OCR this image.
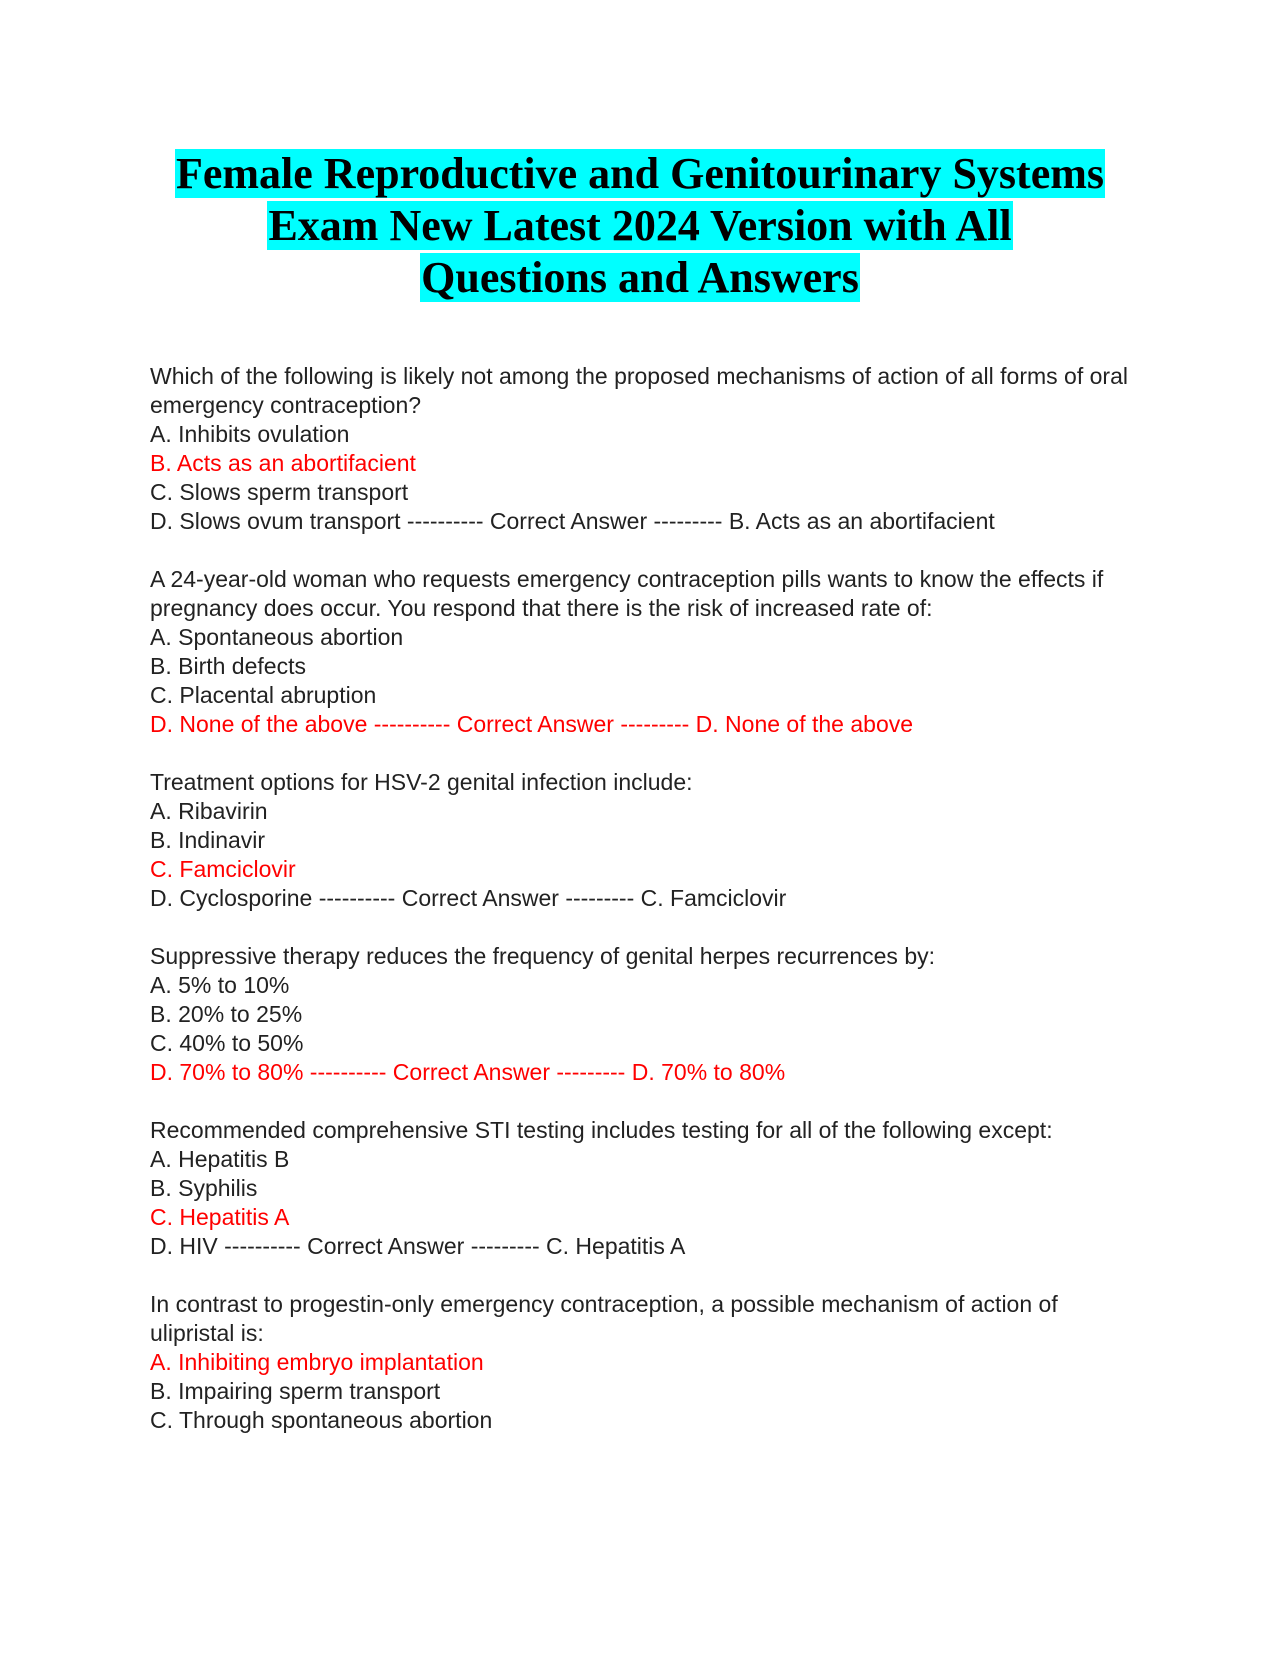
Female Reproductive and Genitourinary Systems
Exam New Latest 2024 Version with All
Questions and Answers
Which of the following is likely not among the proposed mechanisms of action of all forms of oral emergency contraception?
A. Inhibits ovulation
B. Acts as an abortifacient
C. Slows sperm transport
D. Slows ovum transport ---------- Correct Answer --------- B. Acts as an abortifacient
A 24-year-old woman who requests emergency contraception pills wants to know the effects if pregnancy does occur. You respond that there is the risk of increased rate of:
A. Spontaneous abortion
B. Birth defects
C. Placental abruption
D. None of the above ---------- Correct Answer --------- D. None of the above
Treatment options for HSV-2 genital infection include:
A. Ribavirin
B. Indinavir
C. Famciclovir
D. Cyclosporine ---------- Correct Answer --------- C. Famciclovir
Suppressive therapy reduces the frequency of genital herpes recurrences by:
A. 5% to 10%
B. 20% to 25%
C. 40% to 50%
D. 70% to 80% ---------- Correct Answer --------- D. 70% to 80%
Recommended comprehensive STI testing includes testing for all of the following except:
A. Hepatitis B
B. Syphilis
C. Hepatitis A
D. HIV ---------- Correct Answer --------- C. Hepatitis A
In contrast to progestin-only emergency contraception, a possible mechanism of action of ulipristal is:
A. Inhibiting embryo implantation
B. Impairing sperm transport
C. Through spontaneous abortion
